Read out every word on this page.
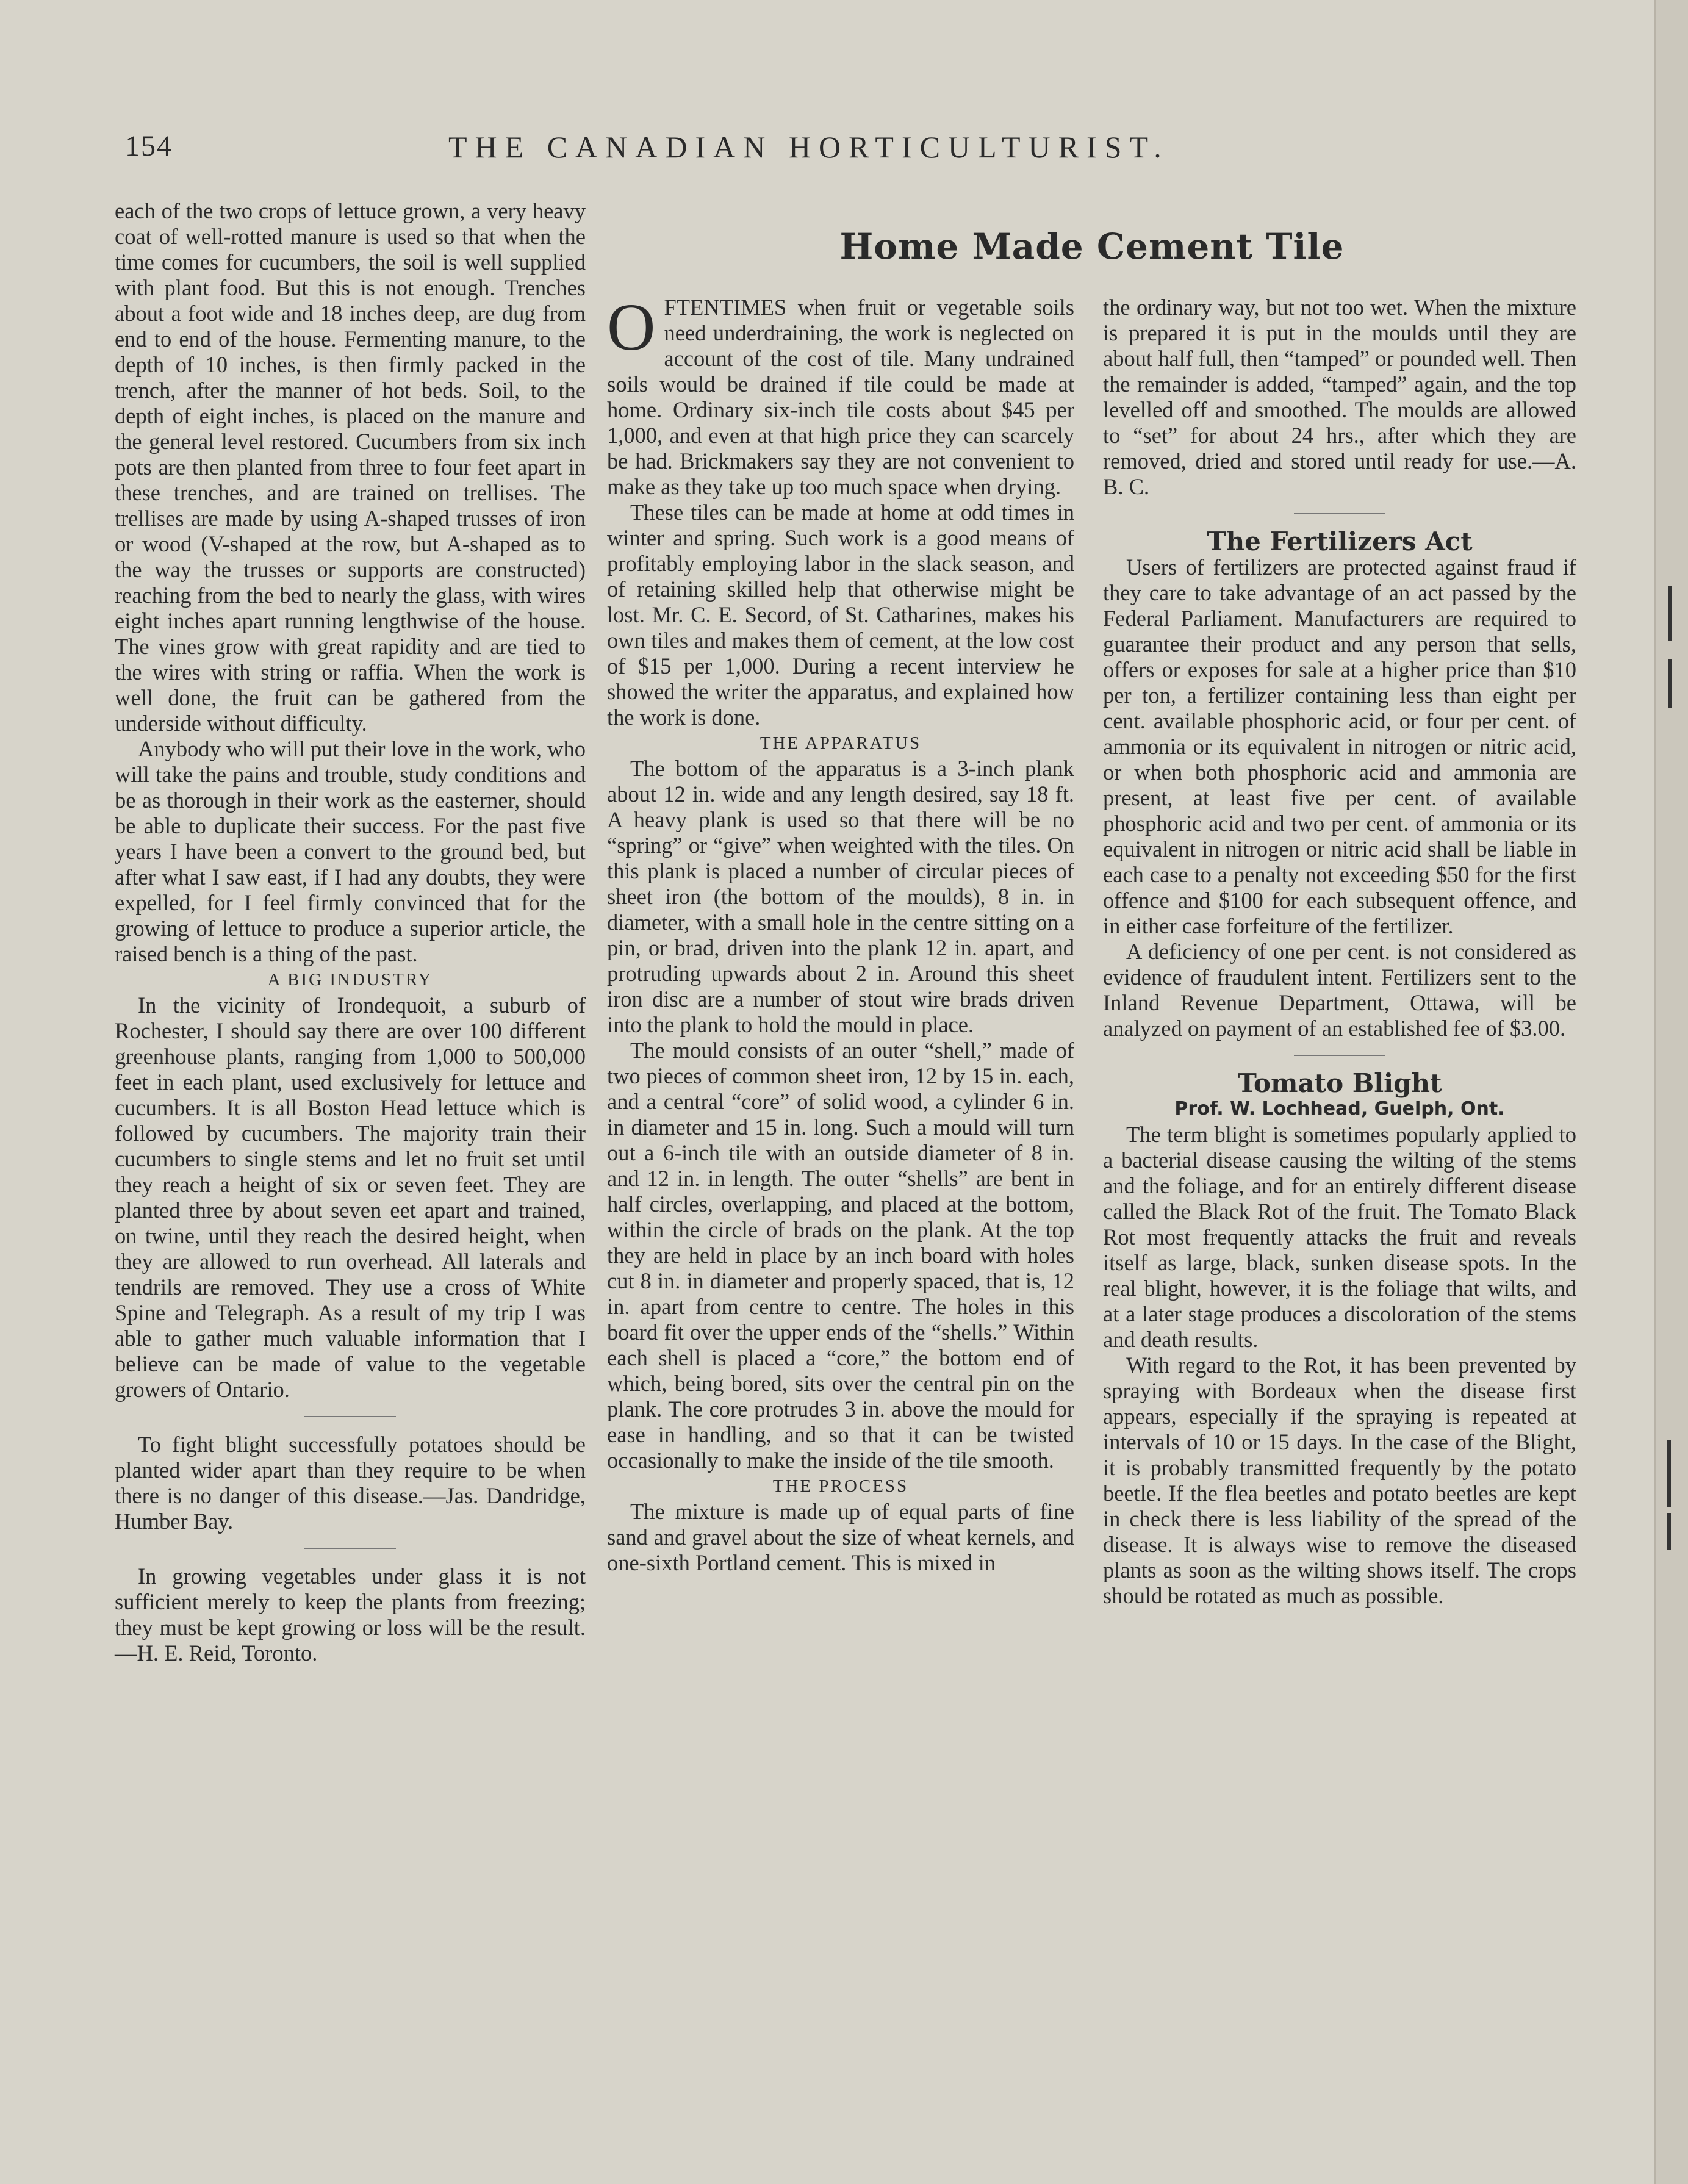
154	THE CANADIAN HORTICULTURIST.

each of the two crops of lettuce grown, a very heavy coat of well-rotted manure is used so that when the time comes for cucumbers, the soil is well supplied with plant food. But this is not enough. Trenches about a foot wide and 18 inches deep, are dug from end to end of the house. Fermenting manure, to the depth of 10 inches, is then firmly packed in the trench, after the manner of hot beds. Soil, to the depth of eight inches, is placed on the manure and the general level restored. Cucumbers from six inch pots are then planted from three to four feet apart in these trenches, and are trained on trellises. The trellises are made by using A-shaped trusses of iron or wood (V-shaped at the row, but A-shaped as to the way the trusses or supports are constructed) reaching from the bed to nearly the glass, with wires eight inches apart running lengthwise of the house. The vines grow with great rapidity and are tied to the wires with string or raffia. When the work is well done, the fruit can be gathered from the underside without difficulty.

Anybody who will put their love in the work, who will take the pains and trouble, study conditions and be as thorough in their work as the easterner, should be able to duplicate their success. For the past five years I have been a convert to the ground bed, but after what I saw east, if I had any doubts, they were expelled, for I feel firmly convinced that for the growing of lettuce to produce a superior article, the raised bench is a thing of the past.

A BIG INDUSTRY

In the vicinity of Irondequoit, a suburb of Rochester, I should say there are over 100 different greenhouse plants, ranging from 1,000 to 500,000 feet in each plant, used exclusively for lettuce and cucumbers. It is all Boston Head lettuce which is followed by cucumbers. The majority train their cucumbers to single stems and let no fruit set until they reach a height of six or seven feet. They are planted three by about seven eet apart and trained, on twine, until they reach the desired height, when they are allowed to run overhead. All laterals and tendrils are removed. They use a cross of White Spine and Telegraph. As a result of my trip I was able to gather much valuable information that I believe can be made of value to the vegetable growers of Ontario.

To fight blight successfully potatoes should be planted wider apart than they require to be when there is no danger of this disease.—Jas. Dandridge, Humber Bay.

In growing vegetables under glass it is not sufficient merely to keep the plants from freezing; they must be kept growing or loss will be the result.—H. E. Reid, Toronto.

Home Made Cement Tile

OFTENTIMES when fruit or vegetable soils need underdraining, the work is neglected on account of the cost of tile. Many undrained soils would be drained if tile could be made at home. Ordinary six-inch tile costs about $45 per 1,000, and even at that high price they can scarcely be had. Brickmakers say they are not convenient to make as they take up too much space when drying.

These tiles can be made at home at odd times in winter and spring. Such work is a good means of profitably employing labor in the slack season, and of retaining skilled help that otherwise might be lost. Mr. C. E. Secord, of St. Catharines, makes his own tiles and makes them of cement, at the low cost of $15 per 1,000. During a recent interview he showed the writer the apparatus, and explained how the work is done.

THE APPARATUS

The bottom of the apparatus is a 3-inch plank about 12 in. wide and any length desired, say 18 ft. A heavy plank is used so that there will be no “spring” or “give” when weighted with the tiles. On this plank is placed a number of circular pieces of sheet iron (the bottom of the moulds), 8 in. in diameter, with a small hole in the centre sitting on a pin, or brad, driven into the plank 12 in. apart, and protruding upwards about 2 in. Around this sheet iron disc are a number of stout wire brads driven into the plank to hold the mould in place.

The mould consists of an outer “shell,” made of two pieces of common sheet iron, 12 by 15 in. each, and a central “core” of solid wood, a cylinder 6 in. in diameter and 15 in. long. Such a mould will turn out a 6-inch tile with an outside diameter of 8 in. and 12 in. in length. The outer “shells” are bent in half circles, overlapping, and placed at the bottom, within the circle of brads on the plank. At the top they are held in place by an inch board with holes cut 8 in. in diameter and properly spaced, that is, 12 in. apart from centre to centre. The holes in this board fit over the upper ends of the “shells.” Within each shell is placed a “core,” the bottom end of which, being bored, sits over the central pin on the plank. The core protrudes 3 in. above the mould for ease in handling, and so that it can be twisted occasionally to make the inside of the tile smooth.

THE PROCESS

The mixture is made up of equal parts of fine sand and gravel about the size of wheat kernels, and one-sixth Portland cement. This is mixed in

the ordinary way, but not too wet. When the mixture is prepared it is put in the moulds until they are about half full, then “tamped” or pounded well. Then the remainder is added, “tamped” again, and the top levelled off and smoothed. The moulds are allowed to “set” for about 24 hrs., after which they are removed, dried and stored until ready for use.—A. B. C.

The Fertilizers Act

Users of fertilizers are protected against fraud if they care to take advantage of an act passed by the Federal Parliament. Manufacturers are required to guarantee their product and any person that sells, offers or exposes for sale at a higher price than $10 per ton, a fertilizer containing less than eight per cent. available phosphoric acid, or four per cent. of ammonia or its equivalent in nitrogen or nitric acid, or when both phosphoric acid and ammonia are present, at least five per cent. of available phosphoric acid and two per cent. of ammonia or its equivalent in nitrogen or nitric acid shall be liable in each case to a penalty not exceeding $50 for the first offence and $100 for each subsequent offence, and in either case forfeiture of the fertilizer.

A deficiency of one per cent. is not considered as evidence of fraudulent intent. Fertilizers sent to the Inland Revenue Department, Ottawa, will be analyzed on payment of an established fee of $3.00.

Tomato Blight

Prof. W. Lochhead, Guelph, Ont.

The term blight is sometimes popularly applied to a bacterial disease causing the wilting of the stems and the foliage, and for an entirely different disease called the Black Rot of the fruit. The Tomato Black Rot most frequently attacks the fruit and reveals itself as large, black, sunken disease spots. In the real blight, however, it is the foliage that wilts, and at a later stage produces a discoloration of the stems and death results.

With regard to the Rot, it has been prevented by spraying with Bordeaux when the disease first appears, especially if the spraying is repeated at intervals of 10 or 15 days. In the case of the Blight, it is probably transmitted frequently by the potato beetle. If the flea beetles and potato beetles are kept in check there is less liability of the spread of the disease. It is always wise to remove the diseased plants as soon as the wilting shows itself. The crops should be rotated as much as possible.
